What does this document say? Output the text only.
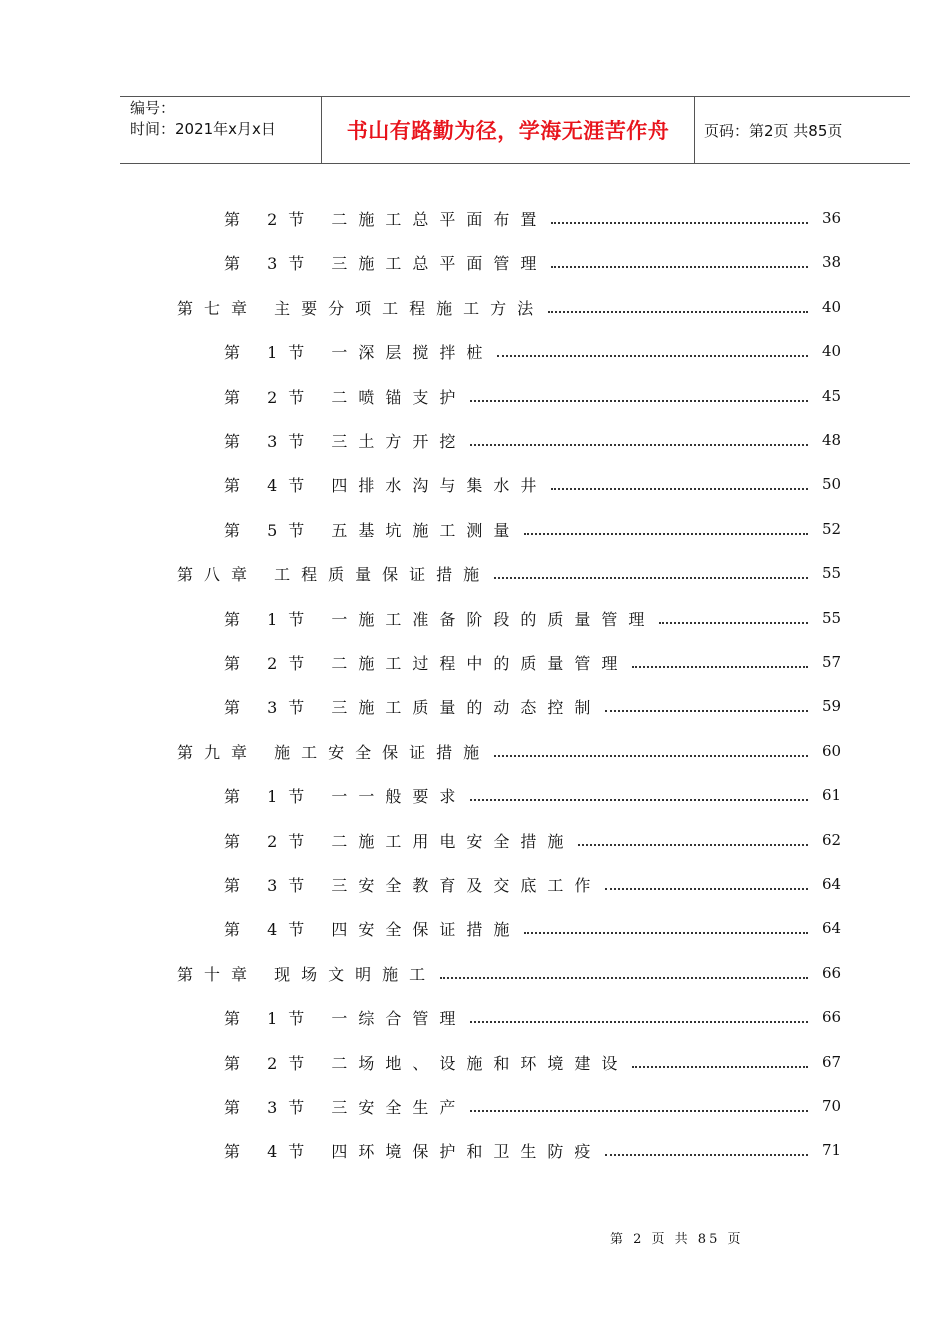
编号：
时间：2021年x月x日	书山有路勤为径，学海无涯苦作舟	页码：第2页 共85页
第 2节 二施工总平面布置	36
第 3节 三施工总平面管理	38
第七章 主要分项工程施工方法	40
第 1节 一深层搅拌桩	40
第 2节 二喷锚支护	45
第 3节 三土方开挖	48
第 4节 四排水沟与集水井	50
第 5节 五基坑施工测量	52
第八章 工程质量保证措施	55
第 1节 一施工准备阶段的质量管理	55
第 2节 二施工过程中的质量管理	57
第 3节 三施工质量的动态控制	59
第九章 施工安全保证措施	60
第 1节 一一般要求	61
第 2节 二施工用电安全措施	62
第 3节 三安全教育及交底工作	64
第 4节 四安全保证措施	64
第十章 现场文明施工	66
第 1节 一综合管理	66
第 2节 二场地、设施和环境建设	67
第 3节 三安全生产	70
第 4节 四环境保护和卫生防疫	71
第 2 页 共 85 页
